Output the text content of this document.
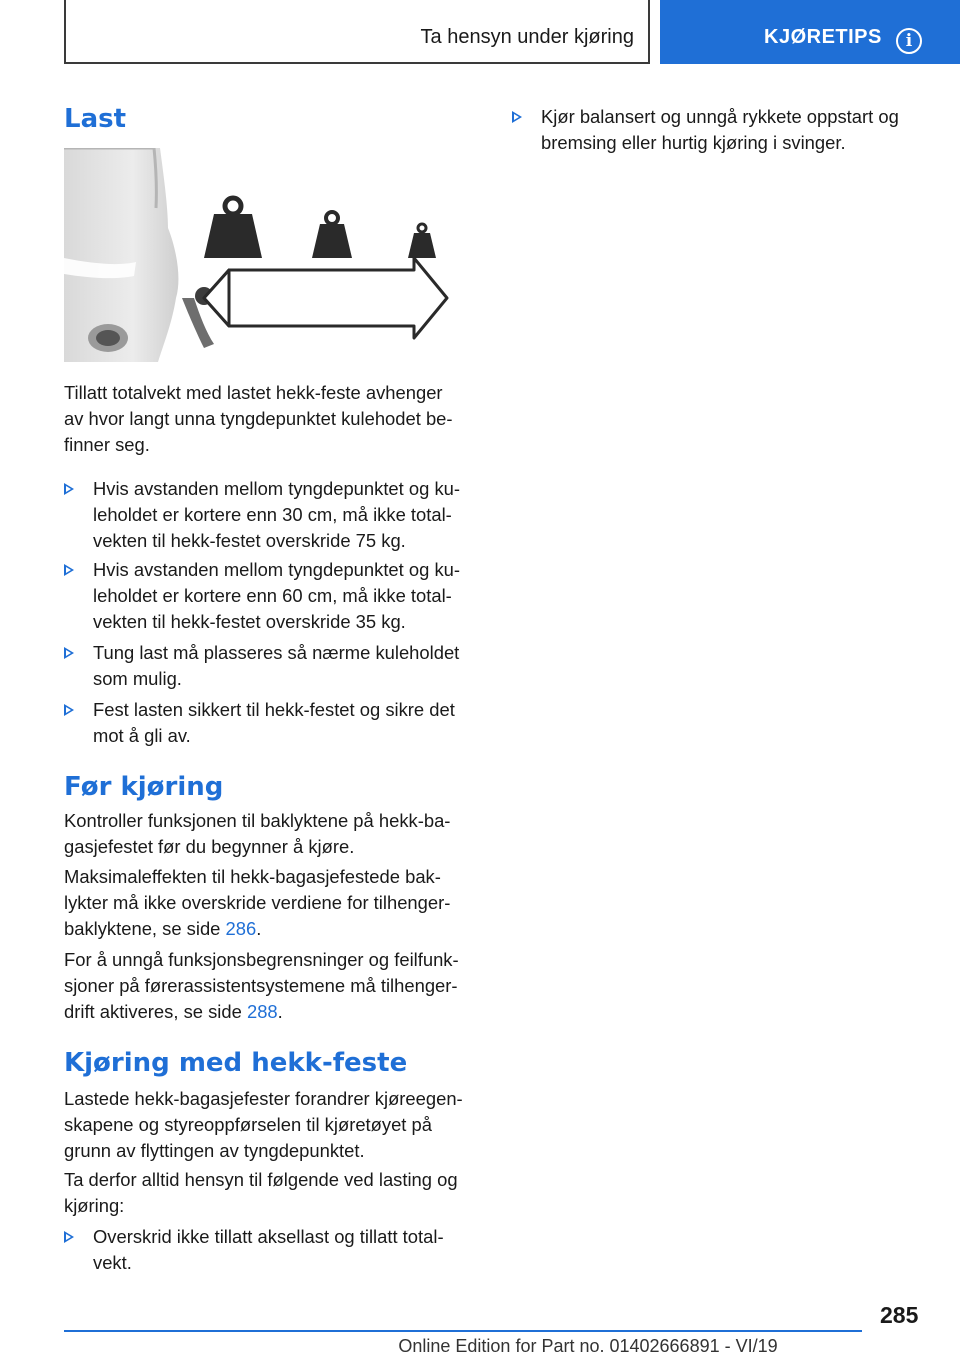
Ta hensyn under kjøring	KJØRETIPS	i
Last

Tillatt totalvekt med lastet hekk-feste avhenger

av hvor langt unna tyngdepunktet kulehodet be-

finner seg.

Hvis avstanden mellom tyngdepunktet og ku-

leholdet er kortere enn 30 cm, må ikke total-

vekten til hekk-festet overskride 75 kg.

Hvis avstanden mellom tyngdepunktet og ku-

leholdet er kortere enn 60 cm, må ikke total-

vekten til hekk-festet overskride 35 kg.

Tung last må plasseres så nærme kuleholdet

som mulig.

Fest lasten sikkert til hekk-festet og sikre det

mot å gli av.

Før kjøring

Kontroller funksjonen til baklyktene på hekk-ba-

gasjefestet før du begynner å kjøre.

Maksimaleffekten til hekk-bagasjefestede bak-

lykter må ikke overskride verdiene for tilhenger-

baklyktene, se side 286.

For å unngå funksjonsbegrensninger og feilfunk-

sjoner på førerassistentsystemene må tilhenger-

drift aktiveres, se side 288.

Kjøring med hekk-feste

Lastede hekk-bagasjefester forandrer kjøreegen-

skapene og styreoppførselen til kjøretøyet på

grunn av flyttingen av tyngdepunktet.

Ta derfor alltid hensyn til følgende ved lasting og

kjøring:

Overskrid ikke tillatt aksellast og tillatt total-

vekt.

Kjør balansert og unngå rykkete oppstart og

bremsing eller hurtig kjøring i svinger.

285
Online Edition for Part no. 01402666891 - VI/19
